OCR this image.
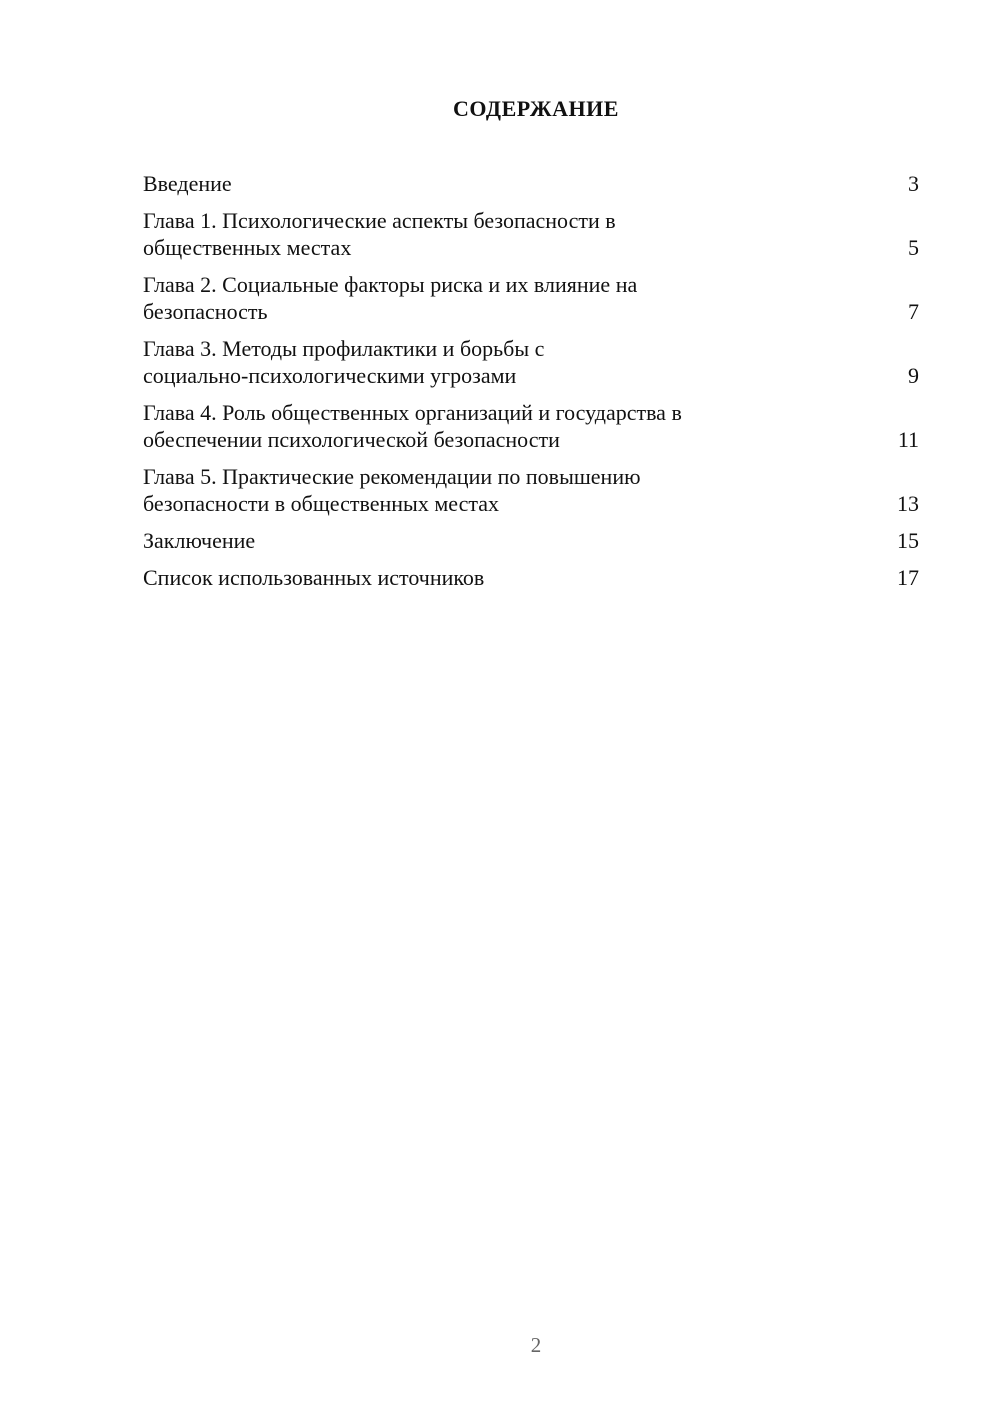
СОДЕРЖАНИЕ
Введение	3
Глава 1. Психологические аспекты безопасности в
общественных местах	5
Глава 2. Социальные факторы риска и их влияние на
безопасность	7
Глава 3. Методы профилактики и борьбы с
социально-психологическими угрозами	9
Глава 4. Роль общественных организаций и государства в
обеспечении психологической безопасности	11
Глава 5. Практические рекомендации по повышению
безопасности в общественных местах	13
Заключение	15
Список использованных источников	17
2
